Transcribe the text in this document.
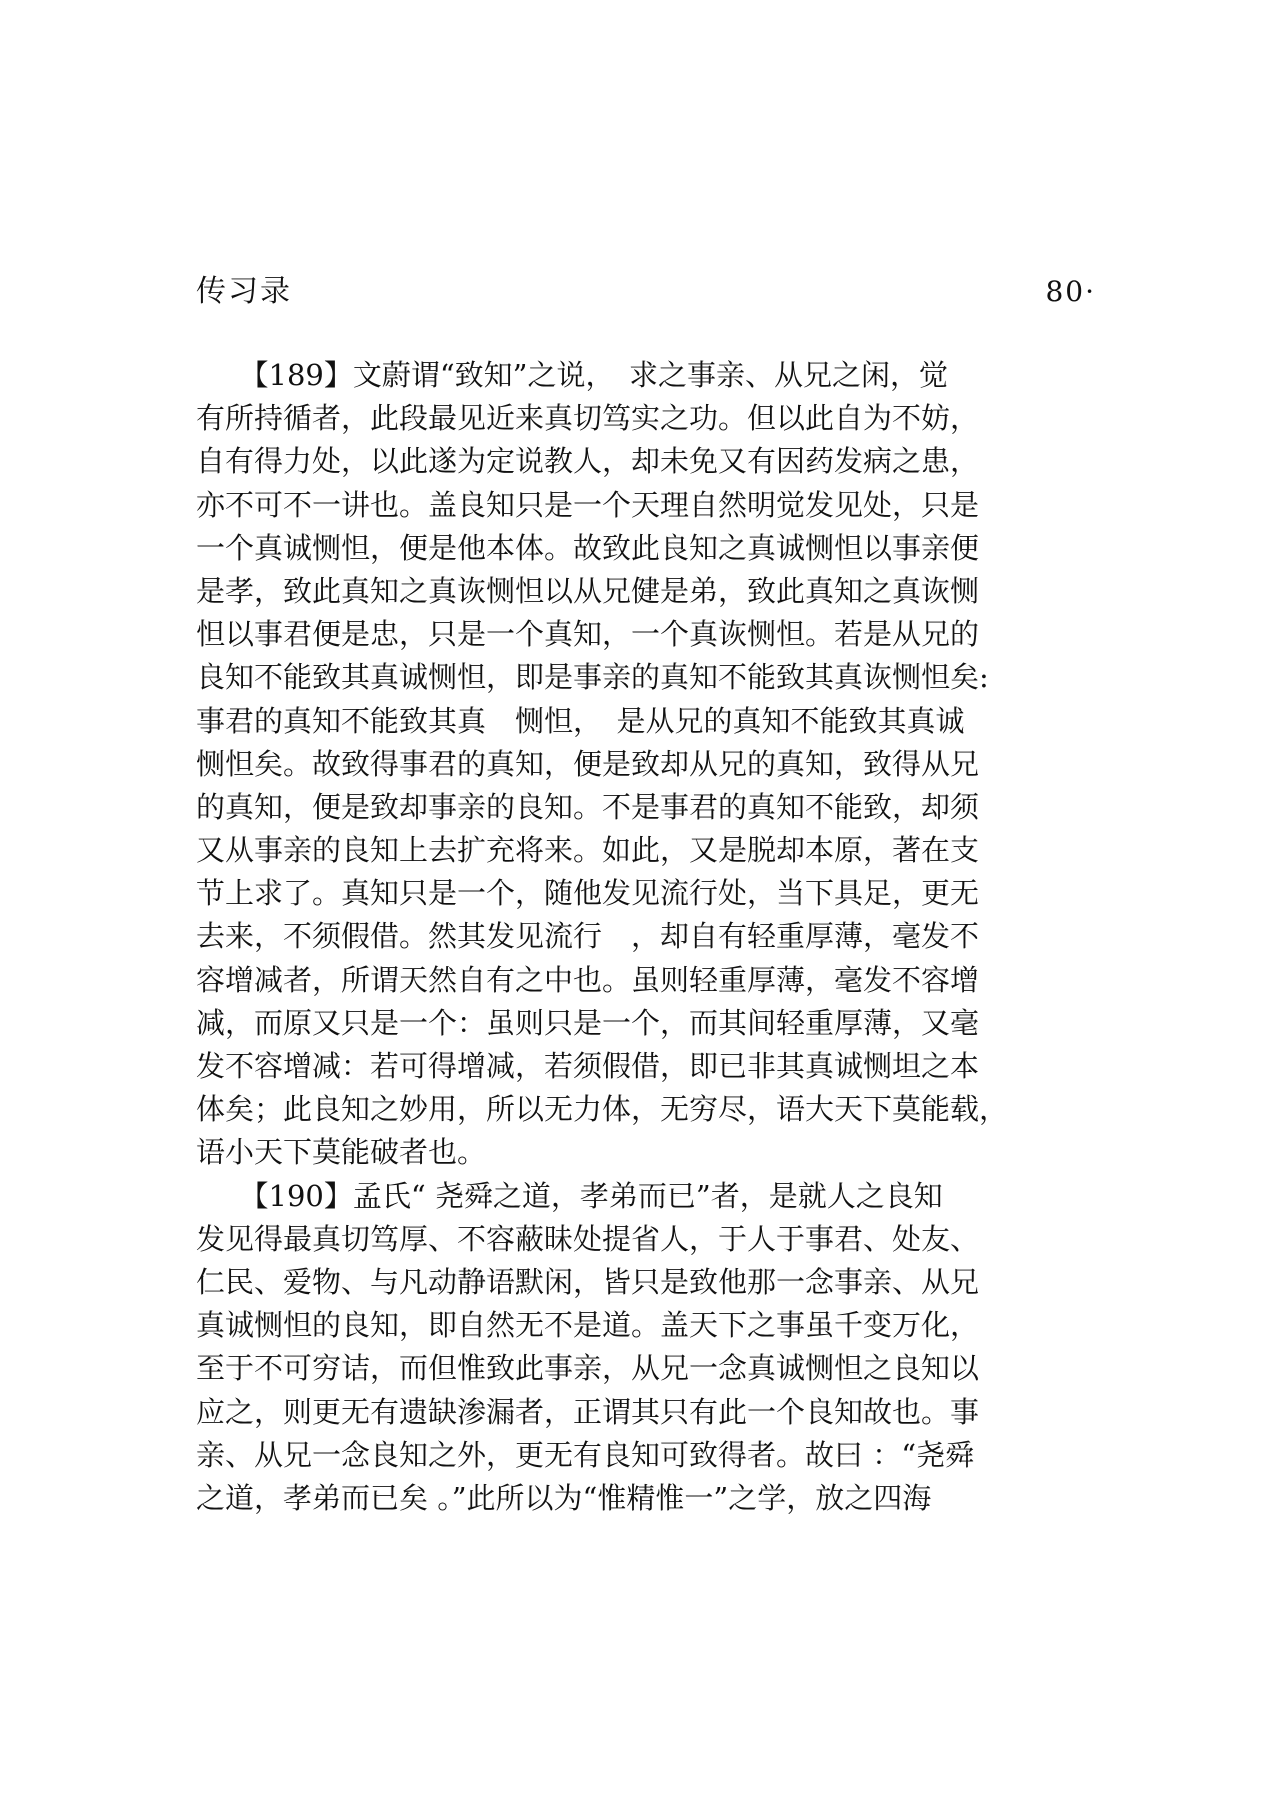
传习录	80·
　　【189】文蔚谓“致知”之说，　求之事亲、从兄之闲，觉
有所持循者，此段最见近来真切笃实之功。但以此自为不妨，
自有得力处，以此遂为定说教人，却未免又有因药发病之患，
亦不可不一讲也。盖良知只是一个天理自然明觉发见处，只是
一个真诚恻怛，便是他本体。故致此良知之真诚恻怛以事亲便
是孝，致此真知之真诙恻怛以从兄健是弟，致此真知之真诙恻
怛以事君便是忠，只是一个真知，一个真诙恻怛。若是从兄的
良知不能致其真诚恻怛，即是事亲的真知不能致其真诙恻怛矣:
事君的真知不能致其真　恻怛，　是从兄的真知不能致其真诚
恻怛矣。故致得事君的真知，便是致却从兄的真知，致得从兄
的真知，便是致却事亲的良知。不是事君的真知不能致，却须
又从事亲的良知上去扩充将来。如此，又是脱却本原，著在支
节上求了。真知只是一个，随他发见流行处，当下具足，更无
去来，不须假借。然其发见流行　，却自有轻重厚薄，毫发不
容增减者，所谓天然自有之中也。虽则轻重厚薄，毫发不容增
减，而原又只是一个：虽则只是一个，而其间轻重厚薄，又毫
发不容增减：若可得增减，若须假借，即已非其真诚恻坦之本
体矣；此良知之妙用，所以无力体，无穷尽，语大天下莫能载，
语小天下莫能破者也。
　　【190】孟氏“ 尧舜之道，孝弟而已”者，是就人之良知
发见得最真切笃厚、不容蔽昧处提省人，于人于事君、处友、
仁民、爱物、与凡动静语默闲，皆只是致他那一念事亲、从兄
真诚恻怛的良知，即自然无不是道。盖天下之事虽千变万化，
至于不可穷诘，而但惟致此事亲，从兄一念真诚恻怛之良知以
应之，则更无有遗缺渗漏者，正谓其只有此一个良知故也。事
亲、从兄一念良知之外，更无有良知可致得者。故曰 ：“尧舜
之道，孝弟而已矣 。”此所以为“惟精惟一”之学，放之四海
